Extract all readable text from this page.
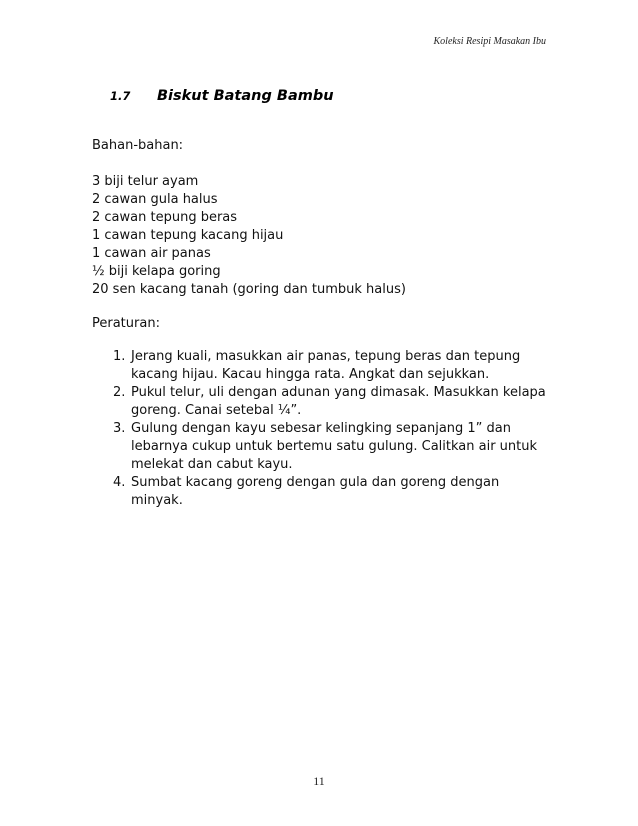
Koleksi Resipi Masakan Ibu
1.7 Biskut Batang Bambu
Bahan-bahan:
3 biji telur ayam
2 cawan gula halus
2 cawan tepung beras
1 cawan tepung kacang hijau
1 cawan air panas
½ biji kelapa goring
20 sen kacang tanah (goring dan tumbuk halus)
Peraturan:
1. Jerang kuali, masukkan air panas, tepung beras dan tepung
kacang hijau. Kacau hingga rata. Angkat dan sejukkan.
2. Pukul telur, uli dengan adunan yang dimasak. Masukkan kelapa
goreng. Canai setebal ¼”.
3. Gulung dengan kayu sebesar kelingking sepanjang 1” dan
lebarnya cukup untuk bertemu satu gulung. Calitkan air untuk
melekat dan cabut kayu.
4. Sumbat kacang goreng dengan gula dan goreng dengan
minyak.
11
